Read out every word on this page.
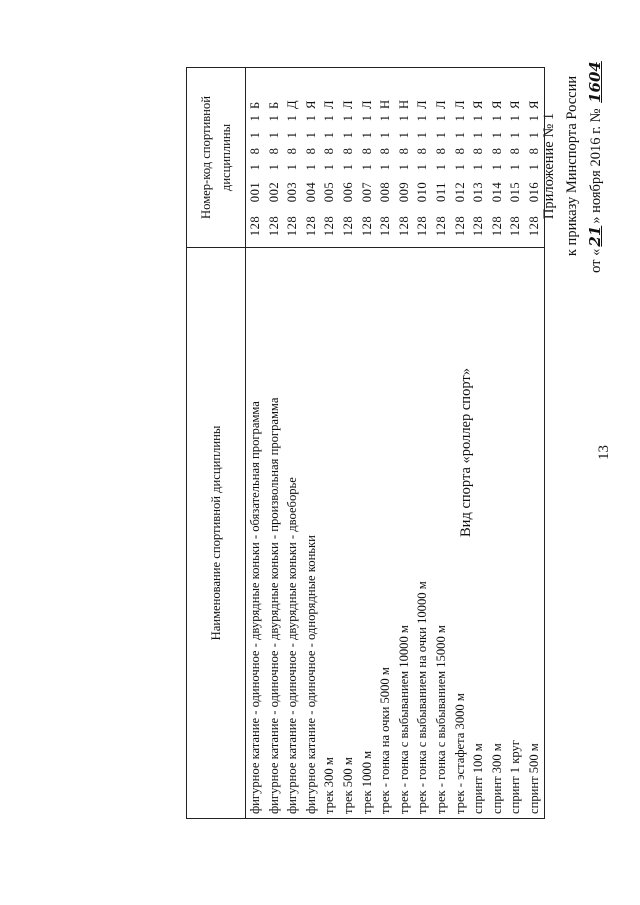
13
Приложение № 1 к приказу Минспорта России
от «21» ноября 2016 г. № 1604
Вид спорта «роллер спорт»
Наименование спортивной дисциплины	Номер-код спортивной дисциплины
фигурное катание - одиночное - двурядные коньки - обязательная программа	1280011811Б
фигурное катание - одиночное - двурядные коньки - произвольная программа	1280021811Б
фигурное катание - одиночное - двурядные коньки - двоеборье	1280031811Д
фигурное катание - одиночное - однорядные коньки	1280041811Я
трек 300 м	1280051811Л
трек 500 м	1280061811Л
трек 1000 м	1280071811Л
трек - гонка на очки 5000 м	1280081811Н
трек - гонка с выбыванием 10000 м	1280091811Н
трек - гонка с выбыванием на очки 10000 м	1280101811Л
трек - гонка с выбыванием 15000 м	1280111811Л
трек - эстафета 3000 м	1280121811Л
спринт 100 м	1280131811Я
спринт 300 м	1280141811Я
спринт 1 круг	1280151811Я
спринт 500 м	1280161811Я
